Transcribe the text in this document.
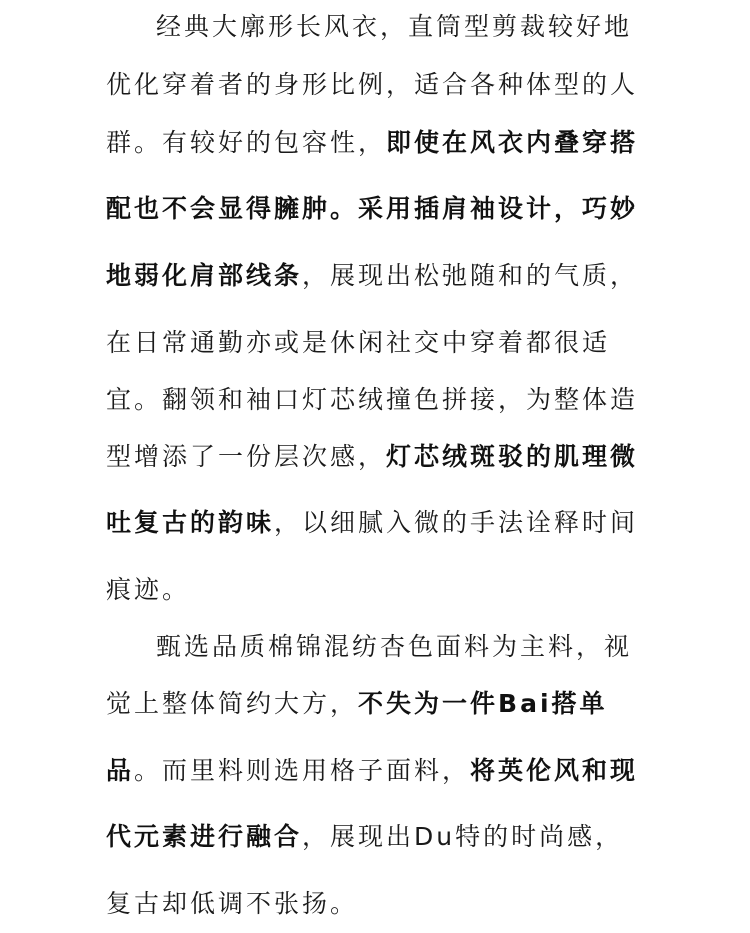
经典大廓形长风衣，直筒型剪裁较好地
优化穿着者的身形比例，适合各种体型的人
群。有较好的包容性，即使在风衣内叠穿搭
配也不会显得臃肿。采用插肩袖设计，巧妙
地弱化肩部线条，展现出松弛随和的气质，
在日常通勤亦或是休闲社交中穿着都很适
宜。翻领和袖口灯芯绒撞色拼接，为整体造
型增添了一份层次感，灯芯绒斑驳的肌理微
吐复古的韵味，以细腻入微的手法诠释时间
痕迹。
甄选品质棉锦混纺杏色面料为主料，视
觉上整体简约大方，不失为一件Bai搭单
品。而里料则选用格子面料，将英伦风和现
代元素进行融合，展现出Du特的时尚感，
复古却低调不张扬。
